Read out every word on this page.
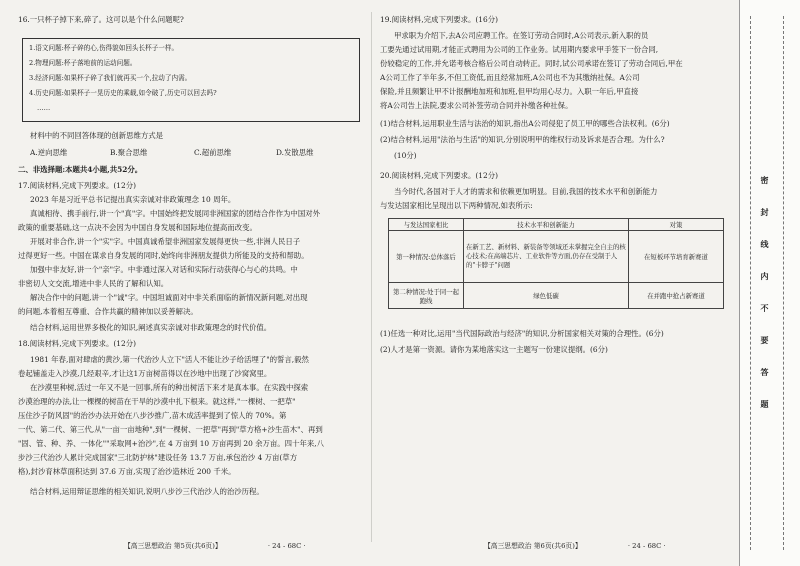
16.一只杯子掉下来,碎了。这可以是个什么问题呢?
1.语文问题:杯子碎的心,伤得貌如回头长杯子一样。
2.物理问题:杯子落地前的运动问题。
3.经济问题:如果杯子碎了我们就再买一个,拉动了内需。
4.历史问题:如果杯子一晃历史的乘载,如令破了,历史可以回去吗?
……
材料中的不同回答体现的创新思维方式是
A.逆向思维	B.聚合思维	C.超前思维	D.发散思维
二、非选择题:本题共4小题,共52分。
17.阅读材料,完成下列要求。(12分)
2023 年是习近平总书记提出真实亲诚对非政策理念 10 周年。
真诚相待、携手前行,讲一个"真"字。中国始终把发展同非洲国家的团结合作作为中国对外
政策的重要基础,这一点决不会因为中国自身发展和国际地位提高而改变。
开展对非合作,讲一个"实"字。中国真诚希望非洲国家发展得更快一些,非洲人民日子
过得更好一些。中国在谋求自身发展的同时,始终向非洲朋友提供力所能及的支持和帮助。
加强中非友好,讲一个"亲"字。中非通过深入对话和实际行动获得心与心的共鸣。中
非密切人文交流,增进中非人民的了解和认知。
解决合作中的问题,讲一个"诚"字。中国坦诚面对中非关系面临的新情况新问题,对出现
的问题,本着相互尊重、合作共赢的精神加以妥善解决。
结合材料,运用世界多极化的知识,阐述真实亲诚对非政策理念的时代价值。
18.阅读材料,完成下列要求。(12分)
1981 年春,面对肆虐的黄沙,第一代治沙人立下"活人不能让沙子给活埋了"的誓言,毅然
卷起铺盖走入沙漠,几经艰辛,才让这1万亩树苗得以在沙地中出现了沙窝窝里。
在沙漠里种树,活过一年又不是一回事,所有的种出树活下来才是真本事。在实践中探索
沙漠治理的办法,让一棵棵的树苗在干旱的沙漠中扎下根来。就这样,"一棵树、一把草"
压住沙子防风固"的治沙办法开始在八步沙推广,苗木成活率提到了惊人的 70%。第
一代、第二代、第三代,从"一亩一亩地种",到"一棵树、一把草"再到"草方格+沙生苗木"、再到
"固、管、种、养、一体化""采取网+治沙",在 4 万亩到 10 万亩再到 20 余万亩。四十年来,八
步沙三代治沙人累计完成国家"三北防护林"建设任务 13.7 万亩,承包治沙 4 万亩(草方
格),封沙育林草面积达到 37.6 万亩,实现了治沙造林近 200 千米。
结合材料,运用辩证思维的相关知识,说明八步沙三代治沙人的治沙历程。
【高三思想政治 第5页(共6页)】	· 24 - 68C ·
19.阅读材料,完成下列要求。(16分)
甲求职为介绍下,去A公司应聘工作。在签订劳动合同时,A公司表示,新入职的员
工要先通过试用期,才能正式聘用为公司的工作业务。试用期内要求甲手签下一份合同,
份较稳定的工作,并允诺考核合格后公司自动转正。同时,试公司承诺在签订了劳动合同后,甲在
A公司工作了半年多,不但工资低,而且经常加班,A公司也不为其缴纳社保。A公司
保险,并且频繁让甲不计报酬地加班和加班,但甲均用心尽力。入职一年后,甲直接
将A公司告上法院,要求公司补签劳动合同并补缴各种社保。
(1)结合材料,运用职业生活与法治的知识,指出A公司侵犯了员工甲的哪些合法权利。(6分)
(2)结合材料,运用"法治与生活"的知识,分别说明甲的维权行动及诉求是否合理。为什么?
(10分)
20.阅读材料,完成下列要求。(12分)
当今时代,各国对于人才的需求和依赖更加明显。目前,我国的技术水平和创新能力
与发达国家相比呈现出以下两种情况,如表所示:
与发达国家相比	技术水平和创新能力	对策
第一种情况:总体落后	在新工艺、新材料、新装备等领域还未掌握完全自主的核心技术;在高端芯片、工业软件等方面,仍存在受制于人的"卡脖子"问题	在短板环节培育新赛道
第二种情况:处于同一起跑线	绿色低碳	在并跑中抢占新赛道
(1)任选一种对比,运用"当代国际政治与经济"的知识,分析国家相关对策的合理性。(6分)
(2)人才是第一资源。请你为某地落实这一主题写一份建议提纲。(6分)
【高三思想政治 第6页(共6页)】	· 24 - 68C ·
密
封
线
内
不
要
答
题
